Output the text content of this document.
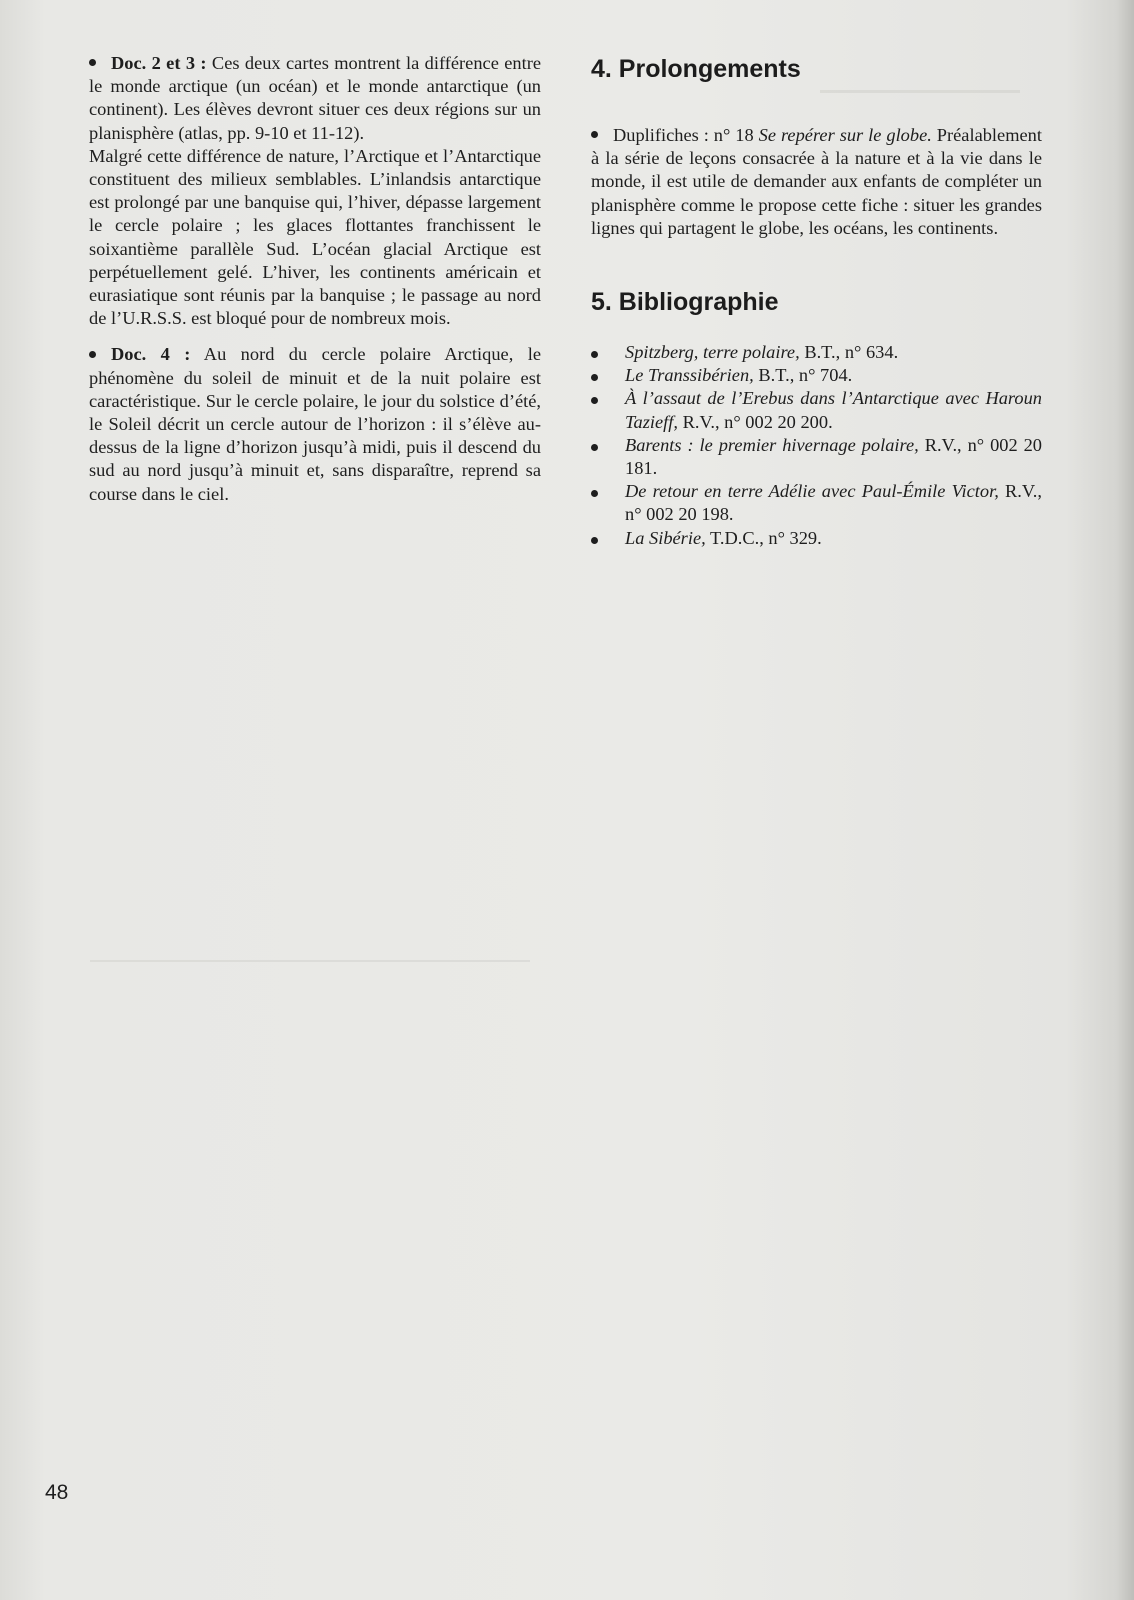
Doc. 2 et 3 : Ces deux cartes montrent la différence entre le monde arctique (un océan) et le monde antarctique (un continent). Les élèves devront situer ces deux régions sur un planisphère (atlas, pp. 9-10 et 11-12).

Malgré cette différence de nature, l’Arctique et l’Antarctique constituent des milieux semblables. L’inlandsis antarctique est prolongé par une banquise qui, l’hiver, dépasse largement le cercle polaire ; les glaces flottantes franchissent le soixantième parallèle Sud. L’océan glacial Arctique est perpétuellement gelé. L’hiver, les continents américain et eurasiatique sont réunis par la banquise ; le passage au nord de l’U.R.S.S. est bloqué pour de nombreux mois.

Doc. 4 : Au nord du cercle polaire Arctique, le phénomène du soleil de minuit et de la nuit polaire est caractéristique. Sur le cercle polaire, le jour du solstice d’été, le Soleil décrit un cercle autour de l’horizon : il s’élève au-dessus de la ligne d’horizon jusqu’à midi, puis il descend du sud au nord jusqu’à minuit et, sans disparaître, reprend sa course dans le ciel.

4. Prolongements

Duplifiches : n° 18 Se repérer sur le globe. Préalablement à la série de leçons consacrée à la nature et à la vie dans le monde, il est utile de demander aux enfants de compléter un planisphère comme le propose cette fiche : situer les grandes lignes qui partagent le globe, les océans, les continents.

5. Bibliographie
Spitzberg, terre polaire, B.T., n° 634.
Le Transsibérien, B.T., n° 704.
À l’assaut de l’Erebus dans l’Antarctique avec Haroun Tazieff, R.V., n° 002 20 200.
Barents : le premier hivernage polaire, R.V., n° 002 20 181.
De retour en terre Adélie avec Paul-Émile Victor, R.V., n° 002 20 198.
La Sibérie, T.D.C., n° 329.
48
